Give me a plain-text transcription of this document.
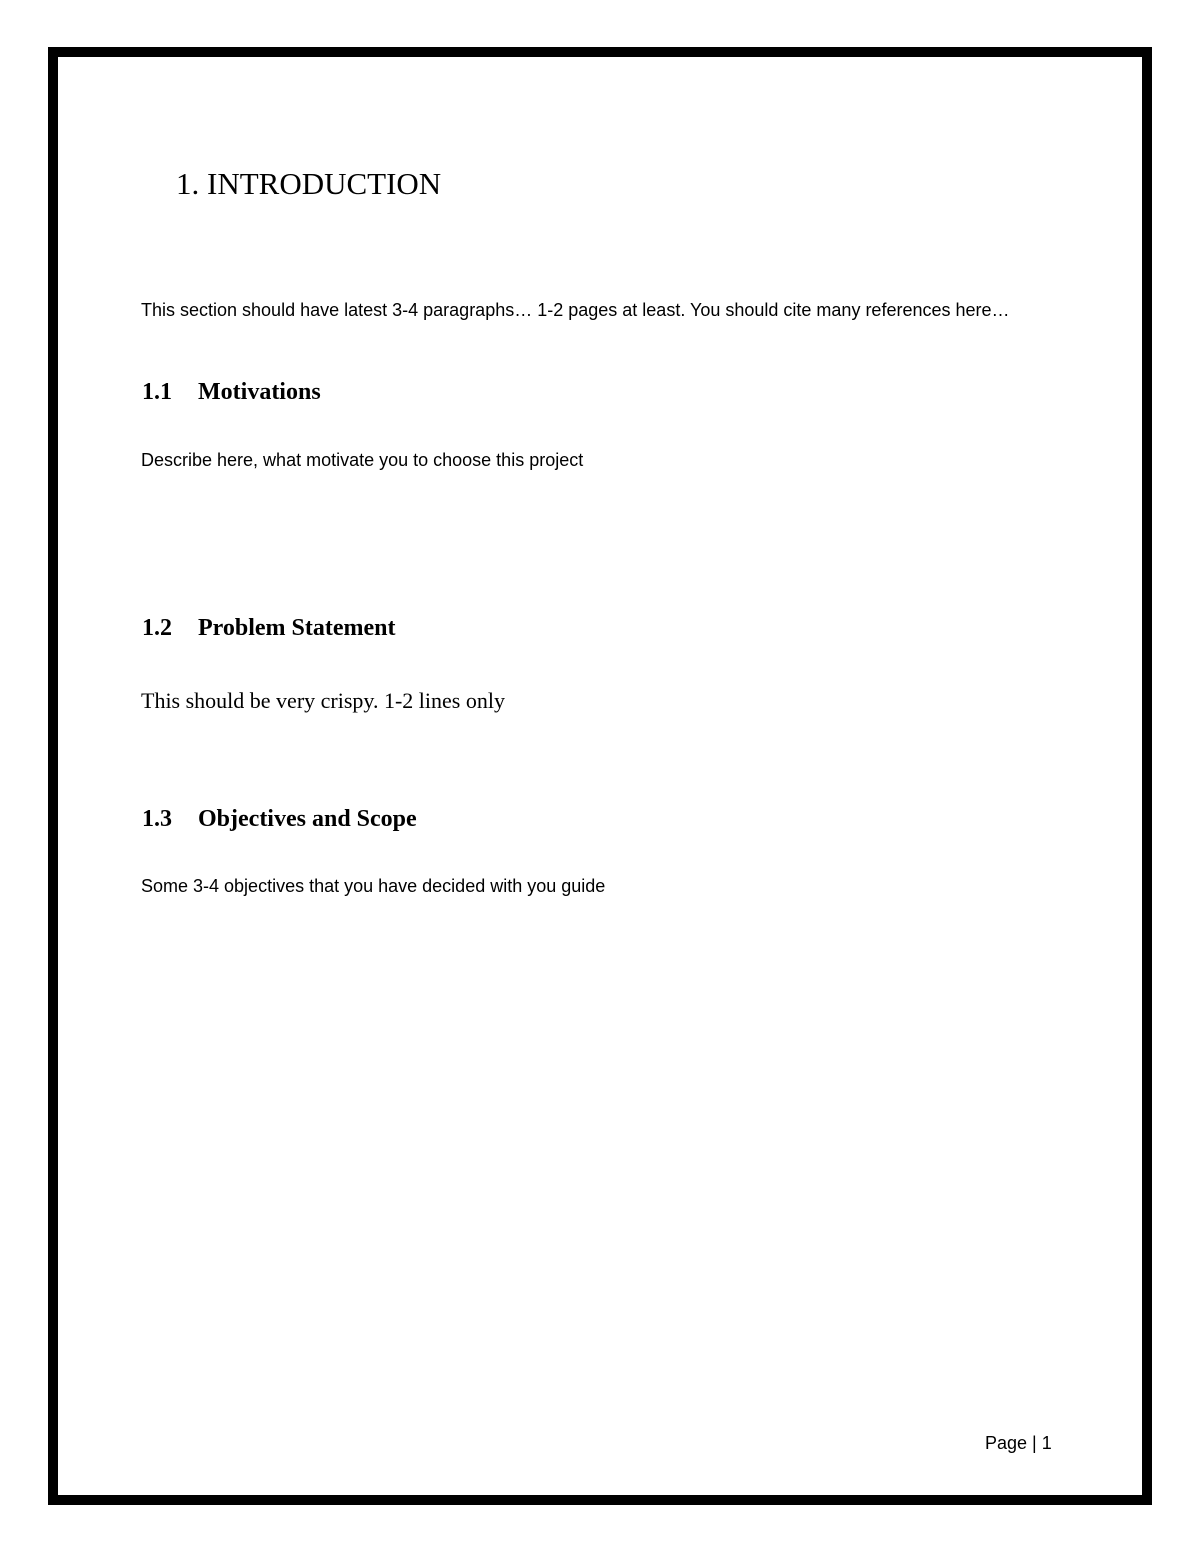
1. INTRODUCTION

This section should have latest 3-4 paragraphs… 1-2 pages at least. You should cite many references here…

1.1 Motivations

Describe here, what motivate you to choose this project

1.2 Problem Statement

This should be very crispy. 1-2 lines only

1.3 Objectives and Scope

Some 3-4 objectives that you have decided with you guide

Page | 1
